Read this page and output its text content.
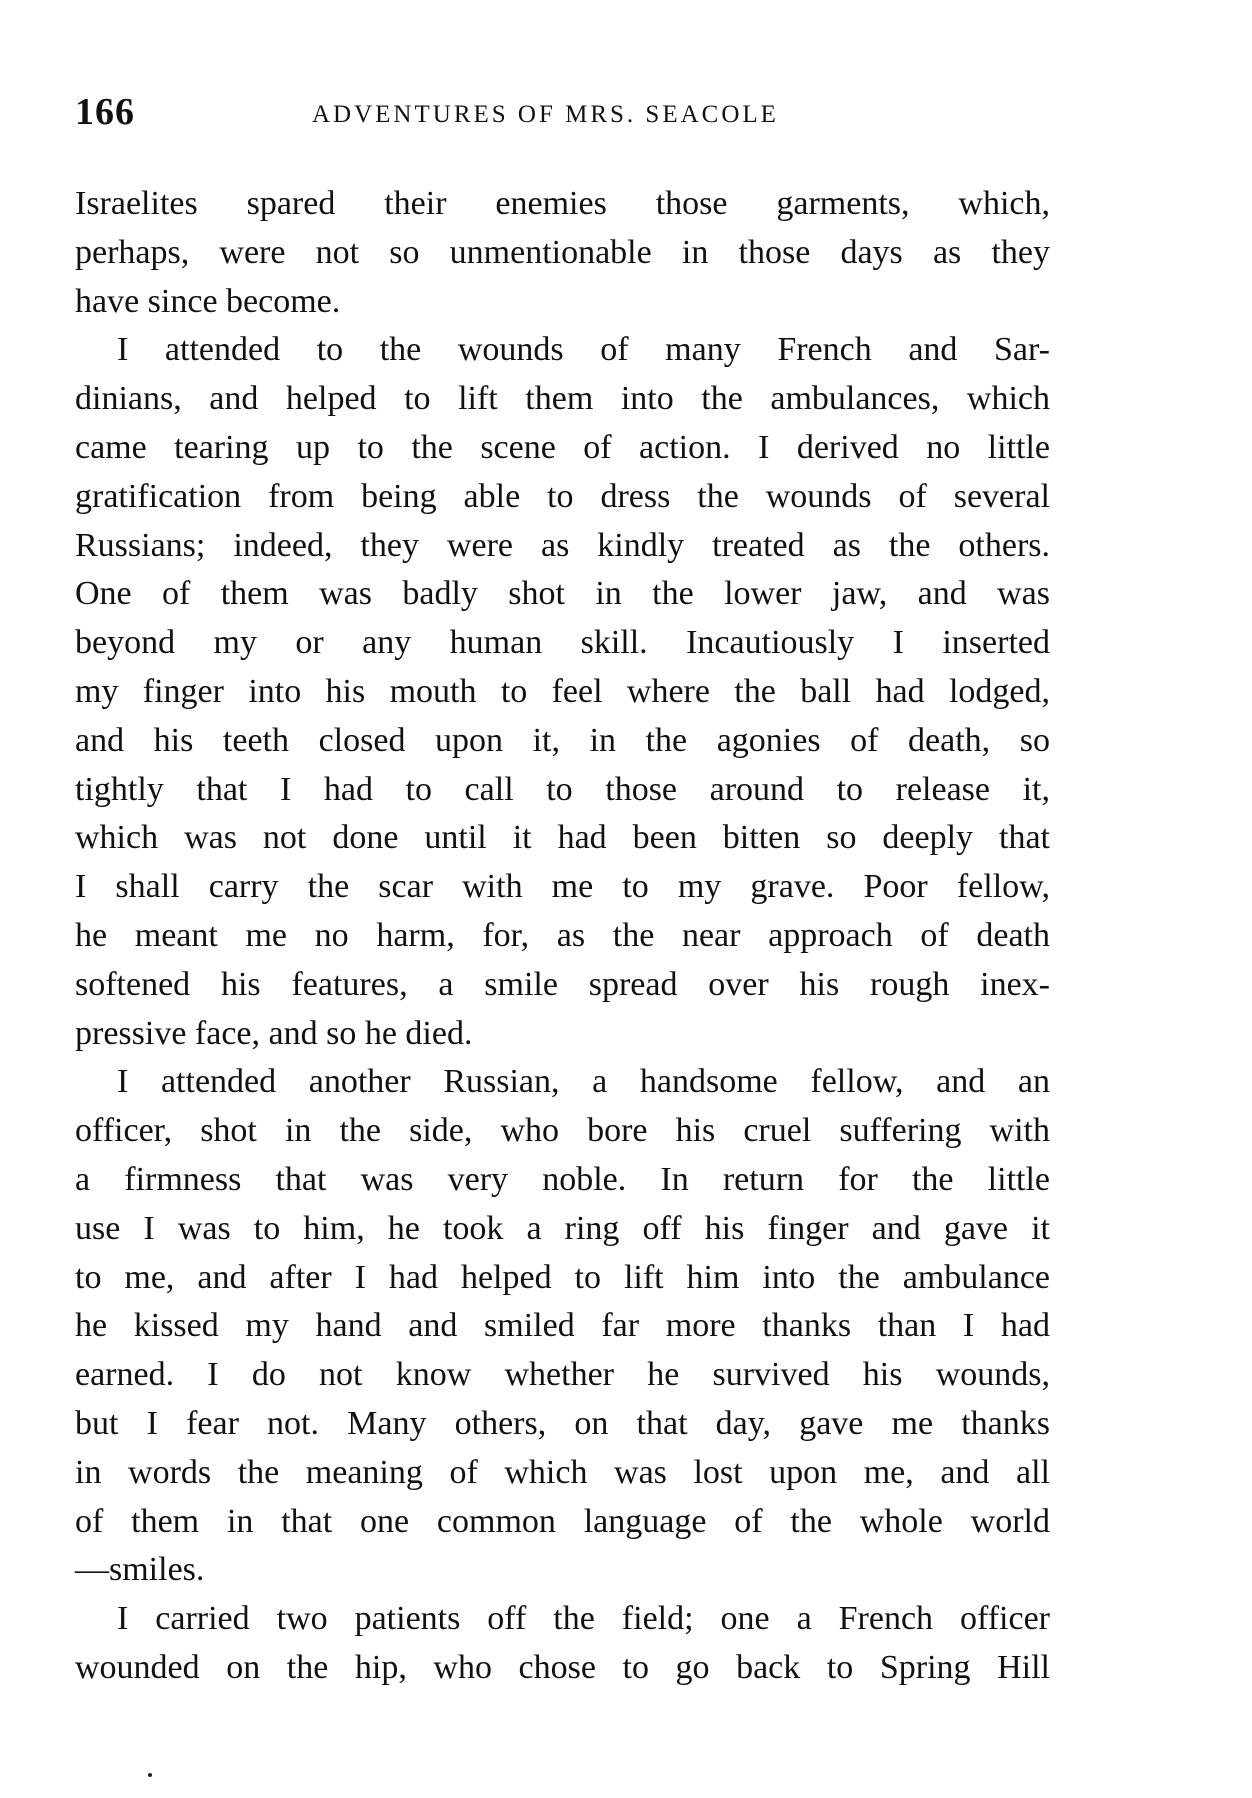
166	ADVENTURES OF MRS. SEACOLE
Israelites spared their enemies those garments, which,
perhaps, were not so unmentionable in those days as they
have since become.
I attended to the wounds of many French and Sar-
dinians, and helped to lift them into the ambulances, which
came tearing up to the scene of action. I derived no little
gratification from being able to dress the wounds of several
Russians; indeed, they were as kindly treated as the others.
One of them was badly shot in the lower jaw, and was
beyond my or any human skill. Incautiously I inserted
my finger into his mouth to feel where the ball had lodged,
and his teeth closed upon it, in the agonies of death, so
tightly that I had to call to those around to release it,
which was not done until it had been bitten so deeply that
I shall carry the scar with me to my grave. Poor fellow,
he meant me no harm, for, as the near approach of death
softened his features, a smile spread over his rough inex-
pressive face, and so he died.
I attended another Russian, a handsome fellow, and an
officer, shot in the side, who bore his cruel suffering with
a firmness that was very noble. In return for the little
use I was to him, he took a ring off his finger and gave it
to me, and after I had helped to lift him into the ambulance
he kissed my hand and smiled far more thanks than I had
earned. I do not know whether he survived his wounds,
but I fear not. Many others, on that day, gave me thanks
in words the meaning of which was lost upon me, and all
of them in that one common language of the whole world
—smiles.
I carried two patients off the field; one a French officer
wounded on the hip, who chose to go back to Spring Hill
